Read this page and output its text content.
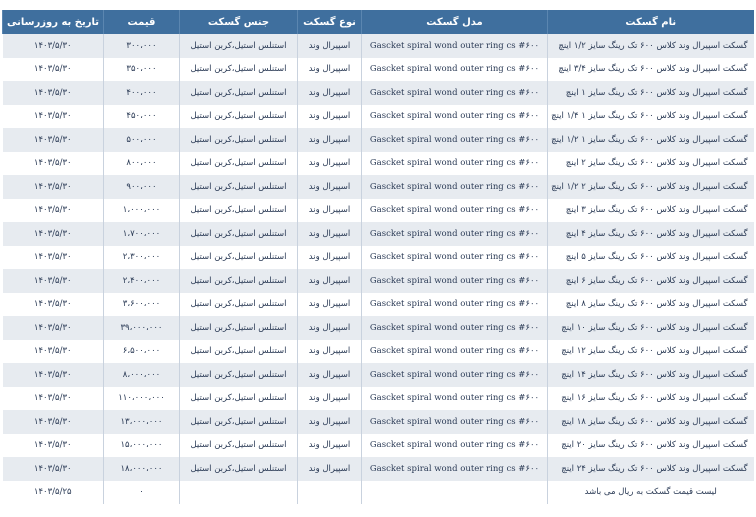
نام گسکت	مدل گسکت	نوع گسکت	جنس گسکت	قیمت	تاریخ به روزرسانی
گسکت اسپیرال وند کلاس ۶۰۰ تک رینگ سایز ۱/۲ اینچ	Gascket spiral wond outer ring cs #۶۰۰	اسپیرال وند	استنلس استیل،کربن استیل	۳۰۰،۰۰۰	۱۴۰۳/۵/۳۰
گسکت اسپیرال وند کلاس ۶۰۰ تک رینگ سایز ۳/۴ اینچ	Gascket spiral wond outer ring cs #۶۰۰	اسپیرال وند	استنلس استیل،کربن استیل	۳۵۰،۰۰۰	۱۴۰۳/۵/۳۰
گسکت اسپیرال وند کلاس ۶۰۰ تک رینگ سایز ۱ اینچ	Gascket spiral wond outer ring cs #۶۰۰	اسپیرال وند	استنلس استیل،کربن استیل	۴۰۰،۰۰۰	۱۴۰۳/۵/۳۰
گسکت اسپیرال وند کلاس ۶۰۰ تک رینگ سایز ۱ ۱/۴ اینچ	Gascket spiral wond outer ring cs #۶۰۰	اسپیرال وند	استنلس استیل،کربن استیل	۴۵۰،۰۰۰	۱۴۰۳/۵/۳۰
گسکت اسپیرال وند کلاس ۶۰۰ تک رینگ سایز ۱ ۱/۲ اینچ	Gascket spiral wond outer ring cs #۶۰۰	اسپیرال وند	استنلس استیل،کربن استیل	۵۰۰،۰۰۰	۱۴۰۳/۵/۳۰
گسکت اسپیرال وند کلاس ۶۰۰ تک رینگ سایز ۲ اینچ	Gascket spiral wond outer ring cs #۶۰۰	اسپیرال وند	استنلس استیل،کربن استیل	۸۰۰،۰۰۰	۱۴۰۳/۵/۳۰
گسکت اسپیرال وند کلاس ۶۰۰ تک رینگ سایز ۲ ۱/۲ اینچ	Gascket spiral wond outer ring cs #۶۰۰	اسپیرال وند	استنلس استیل،کربن استیل	۹۰۰،۰۰۰	۱۴۰۳/۵/۳۰
گسکت اسپیرال وند کلاس ۶۰۰ تک رینگ سایز ۳ اینچ	Gascket spiral wond outer ring cs #۶۰۰	اسپیرال وند	استنلس استیل،کربن استیل	۱،۰۰۰،۰۰۰	۱۴۰۳/۵/۳۰
گسکت اسپیرال وند کلاس ۶۰۰ تک رینگ سایز ۴ اینچ	Gascket spiral wond outer ring cs #۶۰۰	اسپیرال وند	استنلس استیل،کربن استیل	۱،۷۰۰،۰۰۰	۱۴۰۳/۵/۳۰
گسکت اسپیرال وند کلاس ۶۰۰ تک رینگ سایز ۵ اینچ	Gascket spiral wond outer ring cs #۶۰۰	اسپیرال وند	استنلس استیل،کربن استیل	۲،۳۰۰،۰۰۰	۱۴۰۳/۵/۳۰
گسکت اسپیرال وند کلاس ۶۰۰ تک رینگ سایز ۶ اینچ	Gascket spiral wond outer ring cs #۶۰۰	اسپیرال وند	استنلس استیل،کربن استیل	۲،۴۰۰،۰۰۰	۱۴۰۳/۵/۳۰
گسکت اسپیرال وند کلاس ۶۰۰ تک رینگ سایز ۸ اینچ	Gascket spiral wond outer ring cs #۶۰۰	اسپیرال وند	استنلس استیل،کربن استیل	۳،۶۰۰،۰۰۰	۱۴۰۳/۵/۳۰
گسکت اسپیرال وند کلاس ۶۰۰ تک رینگ سایز ۱۰ اینچ	Gascket spiral wond outer ring cs #۶۰۰	اسپیرال وند	استنلس استیل،کربن استیل	۳۹،۰۰۰،۰۰۰	۱۴۰۳/۵/۳۰
گسکت اسپیرال وند کلاس ۶۰۰ تک رینگ سایز ۱۲ اینچ	Gascket spiral wond outer ring cs #۶۰۰	اسپیرال وند	استنلس استیل،کربن استیل	۶،۵۰۰،۰۰۰	۱۴۰۳/۵/۳۰
گسکت اسپیرال وند کلاس ۶۰۰ تک رینگ سایز ۱۴ اینچ	Gascket spiral wond outer ring cs #۶۰۰	اسپیرال وند	استنلس استیل،کربن استیل	۸،۰۰۰،۰۰۰	۱۴۰۳/۵/۳۰
گسکت اسپیرال وند کلاس ۶۰۰ تک رینگ سایز ۱۶ اینچ	Gascket spiral wond outer ring cs #۶۰۰	اسپیرال وند	استنلس استیل،کربن استیل	۱۱۰،۰۰۰،۰۰۰	۱۴۰۳/۵/۳۰
گسکت اسپیرال وند کلاس ۶۰۰ تک رینگ سایز ۱۸ اینچ	Gascket spiral wond outer ring cs #۶۰۰	اسپیرال وند	استنلس استیل،کربن استیل	۱۳،۰۰۰،۰۰۰	۱۴۰۳/۵/۳۰
گسکت اسپیرال وند کلاس ۶۰۰ تک رینگ سایز ۲۰ اینچ	Gascket spiral wond outer ring cs #۶۰۰	اسپیرال وند	استنلس استیل،کربن استیل	۱۵،۰۰۰،۰۰۰	۱۴۰۳/۵/۳۰
گسکت اسپیرال وند کلاس ۶۰۰ تک رینگ سایز ۲۴ اینچ	Gascket spiral wond outer ring cs #۶۰۰	اسپیرال وند	استنلس استیل،کربن استیل	۱۸،۰۰۰،۰۰۰	۱۴۰۳/۵/۳۰
لیست قیمت گسکت به ریال می باشد				۰	۱۴۰۳/۵/۲۵
